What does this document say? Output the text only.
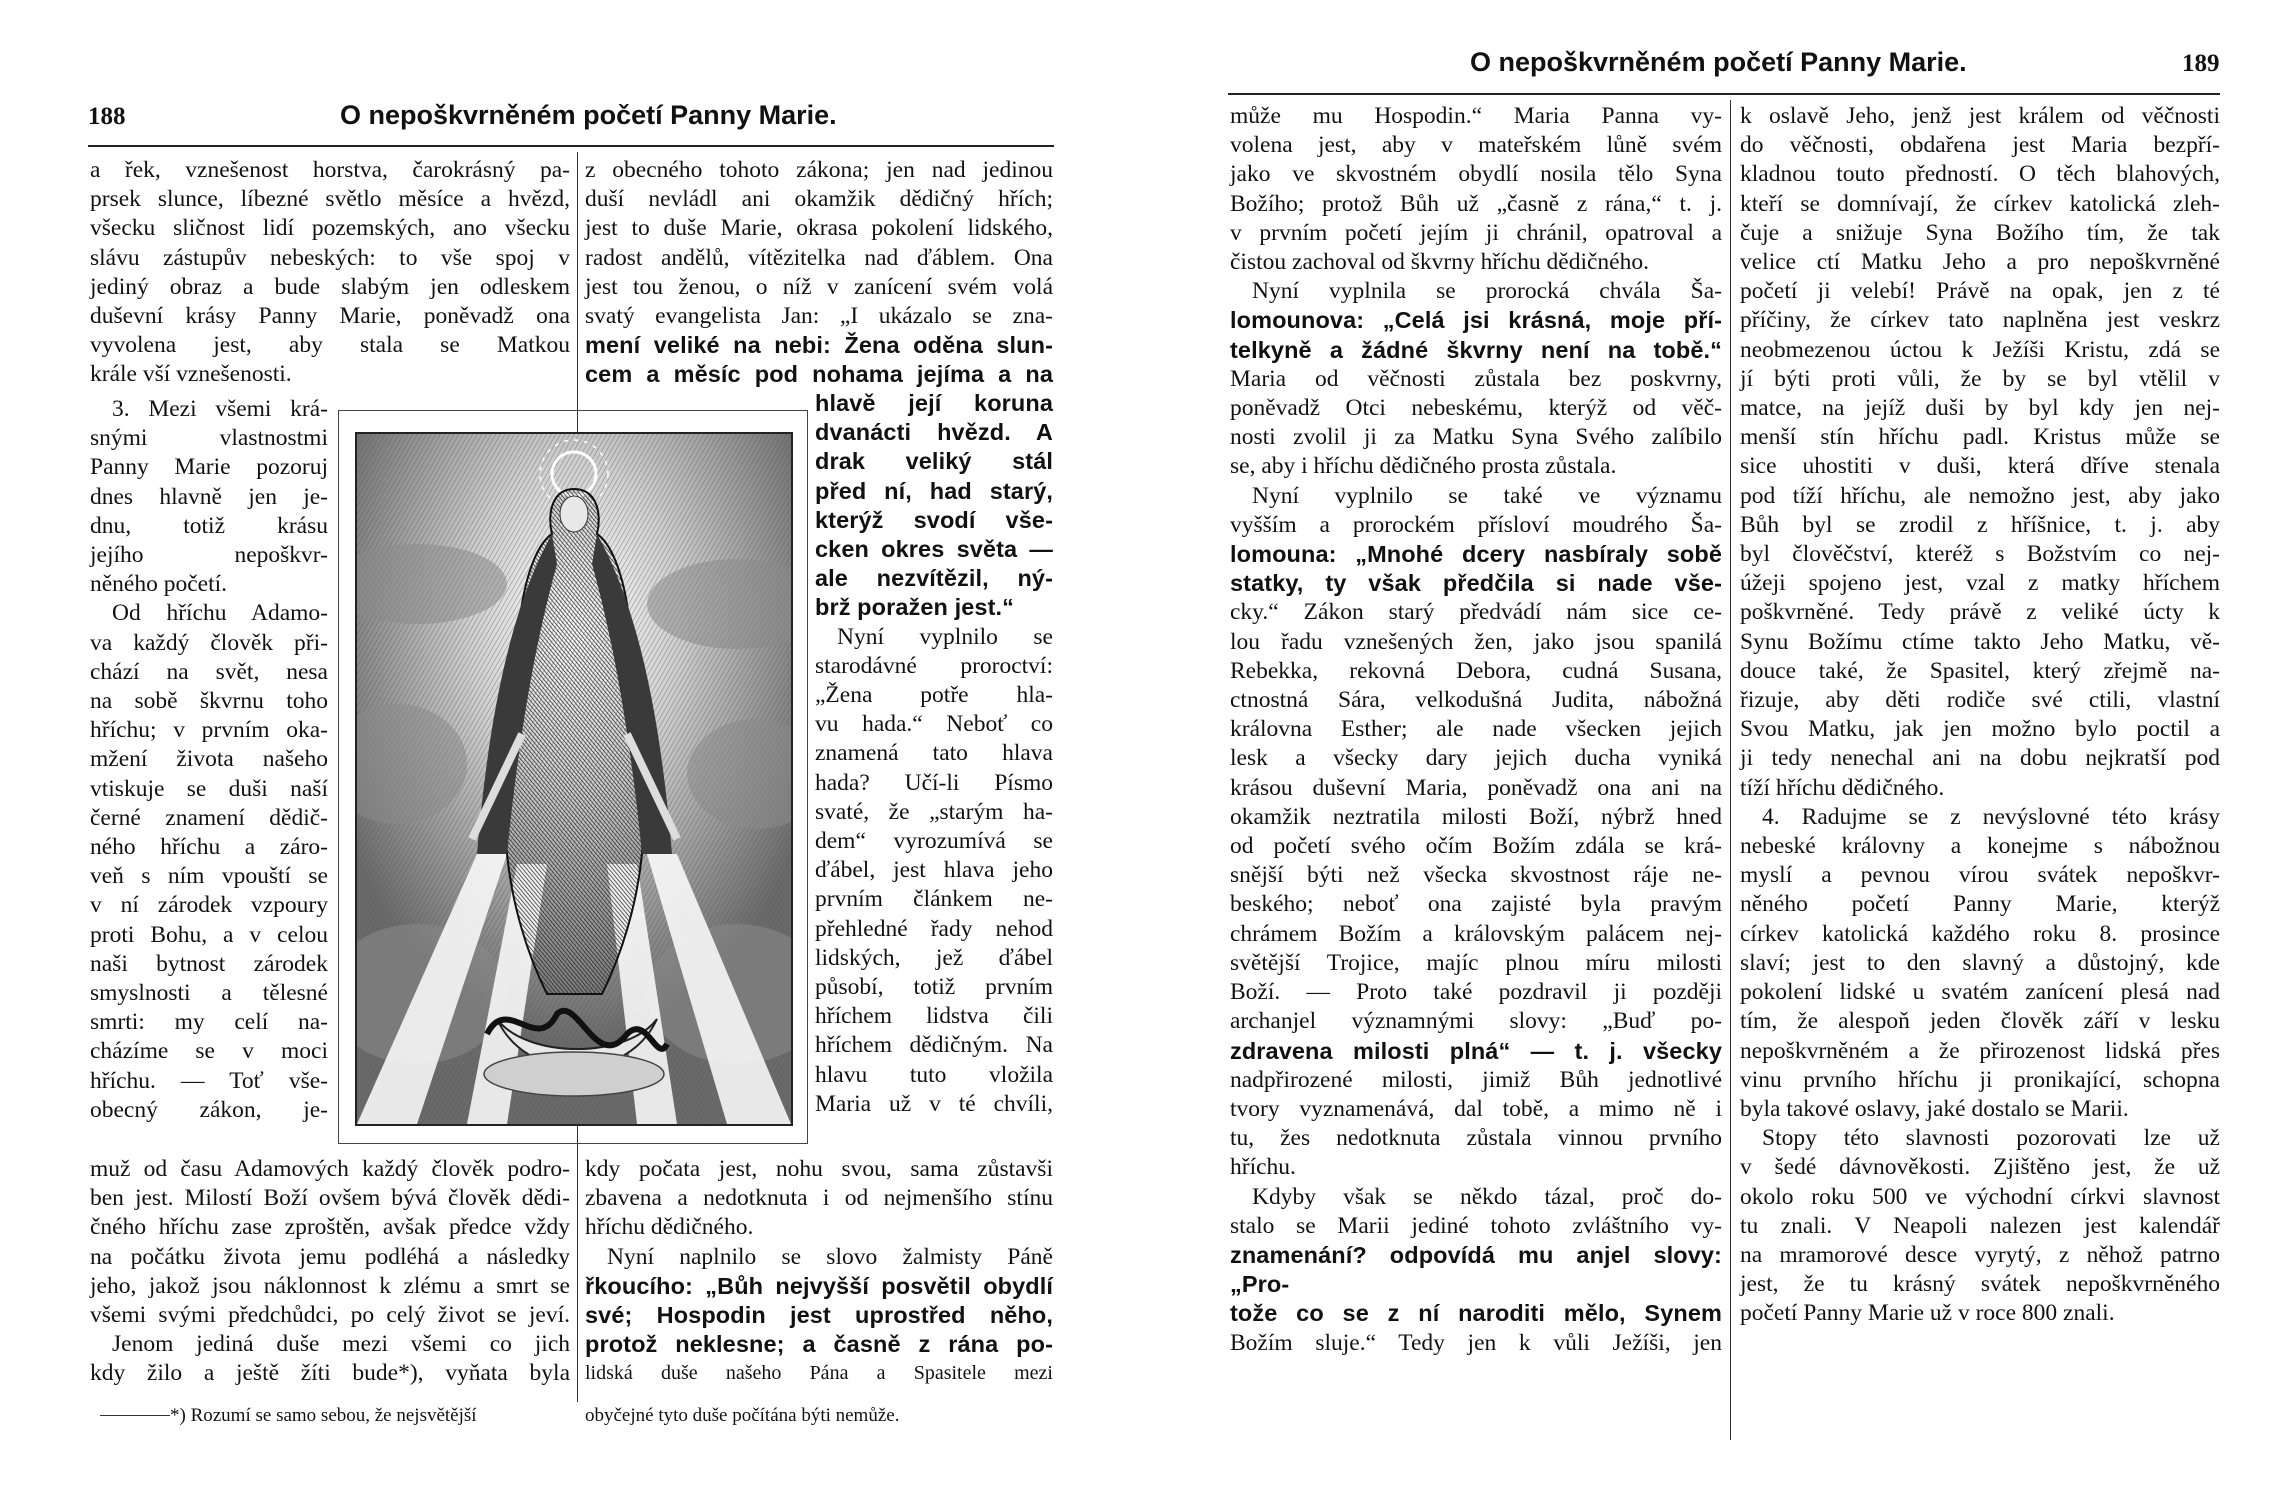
188	O nepoškvrněném početí Panny Marie.

a řek, vznešenost horstva, čarokrásný pa-

prsek slunce, líbezné světlo měsíce a hvězd,

všecku sličnost lidí pozemských, ano všecku

slávu zástupův nebeských: to vše spoj v

jediný obraz a bude slabým jen odleskem

duševní krásy Panny Marie, poněvadž ona

vyvolena jest, aby stala se Matkou

krále vší vznešenosti.

3. Mezi všemi krá-

snými vlastnostmi

Panny Marie pozoruj

dnes hlavně jen je-

dnu, totiž krásu

jejího nepoškvr-

něného početí.

Od hříchu Adamo-

va každý člověk při-

chází na svět, nesa

na sobě škvrnu toho

hříchu; v prvním oka-

mžení života našeho

vtiskuje se duši naší

černé znamení dědič-

ného hříchu a záro-

veň s ním vpouští se

v ní zárodek vzpoury

proti Bohu, a v celou

naši bytnost zárodek

smyslnosti a tělesné

smrti: my celí na-

cházíme se v moci

hříchu. — Toť vše-

obecný zákon, je-

muž od času Adamových každý člověk podro-

ben jest. Milostí Boží ovšem bývá člověk dědi-

čného hříchu zase zproštěn, avšak předce vždy

na počátku života jemu podléhá a následky

jeho, jakož jsou náklonnost k zlému a smrt se

všemi svými předchůdci, po celý život se jeví.

Jenom jediná duše mezi všemi co jich

kdy žilo a ještě žíti bude*), vyňata byla

z obecného tohoto zákona; jen nad jedinou

duší nevládl ani okamžik dědičný hřích;

jest to duše Marie, okrasa pokolení lidského,

radost andělů, vítězitelka nad ďáblem. Ona

jest tou ženou, o níž v zanícení svém volá

svatý evangelista Jan: „I ukázalo se zna-

mení veliké na nebi: Žena oděna slun-

cem a měsíc pod nohama jejíma a na

hlavě její koruna

dvanácti hvězd. A

drak veliký stál

před ní, had starý,

kterýž svodí vše-

cken okres světa —

ale nezvítězil, ný-

brž poražen jest.“

Nyní vyplnilo se

starodávné proroctví:

„Žena potře hla-

vu hada.“ Neboť co

znamená tato hlava

hada? Učí-li Písmo

svaté, že „starým ha-

dem“ vyrozumívá se

ďábel, jest hlava jeho

prvním článkem ne-

přehledné řady nehod

lidských, jež ďábel

působí, totiž prvním

hříchem lidstva čili

hříchem dědičným. Na

hlavu tuto vložila

Maria už v té chvíli,

kdy počata jest, nohu svou, sama zůstavši

zbavena a nedotknuta i od nejmenšího stínu

hříchu dědičného.

Nyní naplnilo se slovo žalmisty Páně

řkoucího: „Bůh nejvyšší posvětil obydlí

své; Hospodin jest uprostřed něho,

protož neklesne; a časně z rána po-

lidská duše našeho Pána a Spasitele mezi

*) Rozumí se samo sebou, že nejsvětější	obyčejné tyto duše počítána býti nemůže.
O nepoškvrněném početí Panny Marie.	189

může mu Hospodin.“ Maria Panna vy-

volena jest, aby v mateřském lůně svém

jako ve skvostném obydlí nosila tělo Syna

Božího; protož Bůh už „časně z rána,“ t. j.

v prvním početí jejím ji chránil, opatroval a

čistou zachoval od škvrny hříchu dědičného.

Nyní vyplnila se prorocká chvála Ša-

lomounova: „Celá jsi krásná, moje pří-

telkyně a žádné škvrny není na tobě.“

Maria od věčnosti zůstala bez poskvrny,

poněvadž Otci nebeskému, kterýž od věč-

nosti zvolil ji za Matku Syna Svého zalíbilo

se, aby i hříchu dědičného prosta zůstala.

Nyní vyplnilo se také ve významu

vyšším a prorockém přísloví moudrého Ša-

lomouna: „Mnohé dcery nasbíraly sobě

statky, ty však předčila si nade vše-

cky.“ Zákon starý předvádí nám sice ce-

lou řadu vznešených žen, jako jsou spanilá

Rebekka, rekovná Debora, cudná Susana,

ctnostná Sára, velkodušná Judita, nábožná

královna Esther; ale nade všecken jejich

lesk a všecky dary jejich ducha vyniká

krásou duševní Maria, poněvadž ona ani na

okamžik neztratila milosti Boží, nýbrž hned

od početí svého očím Božím zdála se krá-

snější býti než všecka skvostnost ráje ne-

beského; neboť ona zajisté byla pravým

chrámem Božím a královským palácem nej-

světější Trojice, majíc plnou míru milosti

Boží. — Proto také pozdravil ji později

archanjel významnými slovy: „Buď po-

zdravena milosti plná“ — t. j. všecky

nadpřirozené milosti, jimiž Bůh jednotlivé

tvory vyznamenává, dal tobě, a mimo ně i

tu, žes nedotknuta zůstala vinnou prvního

hříchu.

Kdyby však se někdo tázal, proč do-

stalo se Marii jediné tohoto zvláštního vy-

znamenání? odpovídá mu anjel slovy: „Pro-

tože co se z ní naroditi mělo, Synem

Božím sluje.“ Tedy jen k vůli Ježíši, jen

k oslavě Jeho, jenž jest králem od věčnosti

do věčnosti, obdařena jest Maria bezpří-

kladnou touto předností. O těch blahových,

kteří se domnívají, že církev katolická zleh-

čuje a snižuje Syna Božího tím, že tak

velice ctí Matku Jeho a pro nepoškvrněné

početí ji velebí! Právě na opak, jen z té

příčiny, že církev tato naplněna jest veskrz

neobmezenou úctou k Ježíši Kristu, zdá se

jí býti proti vůli, že by se byl vtělil v

matce, na jejíž duši by byl kdy jen nej-

menší stín hříchu padl. Kristus může se

sice uhostiti v duši, která dříve stenala

pod tíží hříchu, ale nemožno jest, aby jako

Bůh byl se zrodil z hříšnice, t. j. aby

byl člověčství, kteréž s Božstvím co nej-

úžeji spojeno jest, vzal z matky hříchem

poškvrněné. Tedy právě z veliké úcty k

Synu Božímu ctíme takto Jeho Matku, vě-

douce také, že Spasitel, který zřejmě na-

řizuje, aby děti rodiče své ctili, vlastní

Svou Matku, jak jen možno bylo poctil a

ji tedy nenechal ani na dobu nejkratší pod

tíží hříchu dědičného.

4. Radujme se z nevýslovné této krásy

nebeské královny a konejme s nábožnou

myslí a pevnou vírou svátek nepoškvr-

něného početí Panny Marie, kterýž

církev katolická každého roku 8. prosince

slaví; jest to den slavný a důstojný, kde

pokolení lidské u svatém zanícení plesá nad

tím, že alespoň jeden člověk září v lesku

nepoškvrněném a že přirozenost lidská přes

vinu prvního hříchu ji pronikající, schopna

byla takové oslavy, jaké dostalo se Marii.

Stopy této slavnosti pozorovati lze už

v šedé dávnověkosti. Zjištěno jest, že už

okolo roku 500 ve východní církvi slavnost

tu znali. V Neapoli nalezen jest kalendář

na mramorové desce vyrytý, z něhož patrno

jest, že tu krásný svátek nepoškvrněného

početí Panny Marie už v roce 800 znali.
